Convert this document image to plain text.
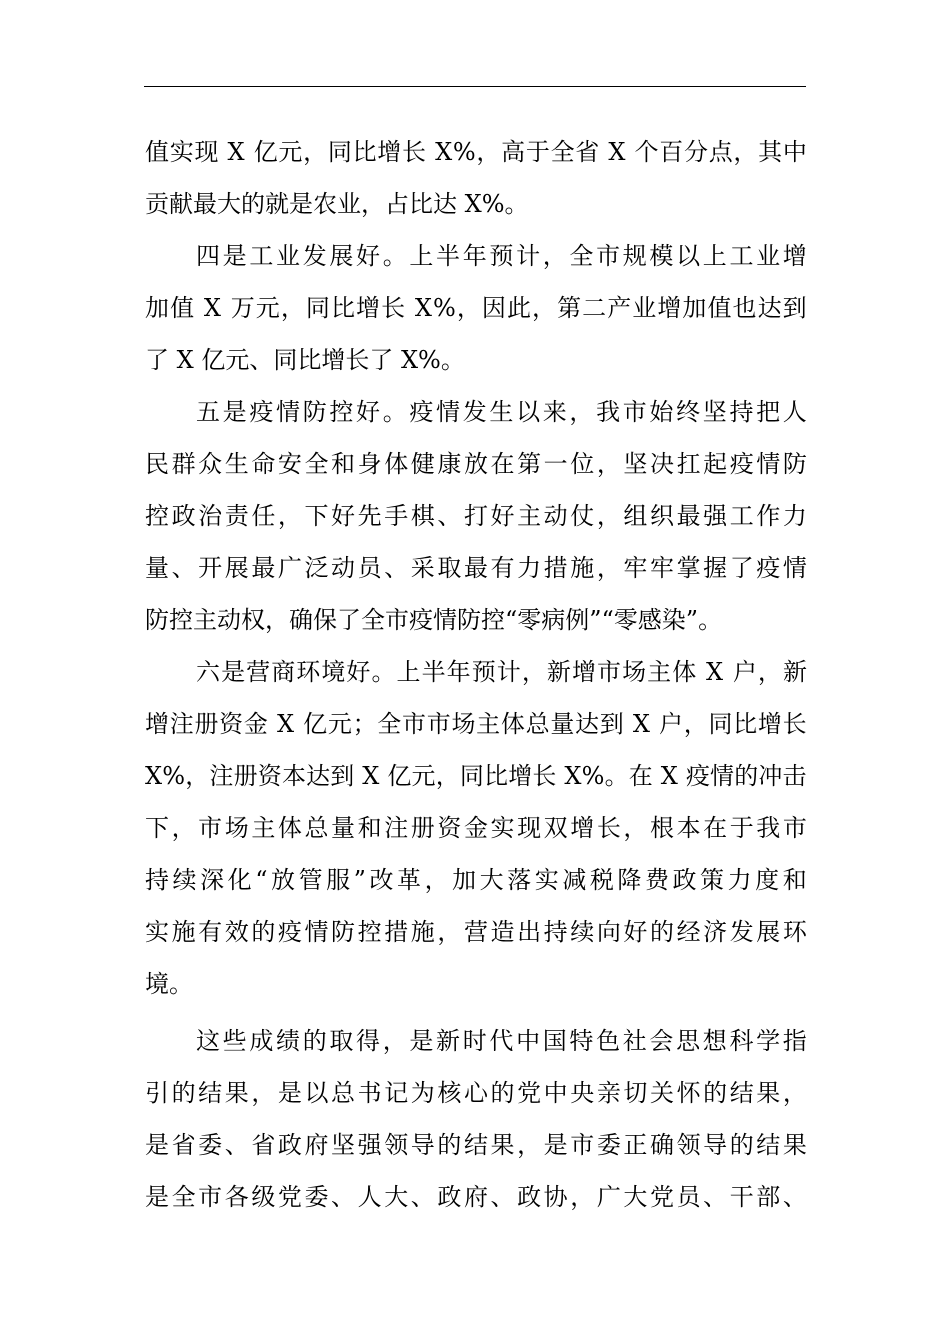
值 实 现
X
亿 元 ， 同 比 增 长
X % ， 高 于 全 省
X
个 百 分 点 ， 其 中
贡献最大的就是农业，占比达 X%。
四 是 工 业 发 展 好 。 上 半 年 预 计 ， 全 市 规 模 以 上 工 业 增
加 值
X
万 元 ， 同 比 增 长
X % ， 因 此 ， 第 二 产 业 增 加 值 也 达 到
了 X 亿元、同比增长了 X%。
五 是 疫 情 防 控 好 。 疫 情 发 生 以 来 ， 我 市 始 终 坚 持 把 人
民 群 众 生 命 安 全 和 身 体 健 康 放 在 第 一 位 ， 坚 决 扛 起 疫 情 防
控 政 治 责 任 ， 下 好 先 手 棋 、 打 好 主 动 仗 ， 组 织 最 强 工 作 力
量 、 开 展 最 广 泛 动 员 、 采 取 最 有 力 措 施 ， 牢 牢 掌 握 了 疫 情
防控主动权，确保了全市疫情防控“零病例”“零感染”。
六 是 营 商 环 境 好 。 上 半 年 预 计 ， 新 增 市 场 主 体
X
户 ， 新
增 注 册 资 金
X
亿 元 ； 全 市 市 场 主 体 总 量 达 到
X
户 ， 同 比 增 长
X % ， 注 册 资 本 达 到
X
亿 元 ， 同 比 增 长
X % 。 在
X
疫 情 的 冲 击
下 ， 市 场 主 体 总 量 和 注 册 资 金 实 现 双 增 长 ， 根 本 在 于 我 市
持 续 深 化 “ 放 管 服 ” 改 革 ， 加 大 落 实 减 税 降 费 政 策 力 度 和
实 施 有 效 的 疫 情 防 控 措 施 ， 营 造 出 持 续 向 好 的 经 济 发 展 环
境。
这 些 成 绩 的 取 得 ， 是 新 时 代 中 国 特 色 社 会 思 想 科 学 指
引 的 结 果 ， 是 以 总 书 记 为 核 心 的 党 中 央 亲 切 关 怀 的 结 果 ，
是 省 委 、 省 政 府 坚 强 领 导 的 结 果 ， 是 市 委 正 确 领 导 的 结 果
是 全 市 各 级 党 委 、 人 大 、 政 府 、 政 协 ， 广 大 党 员 、 干 部 、
